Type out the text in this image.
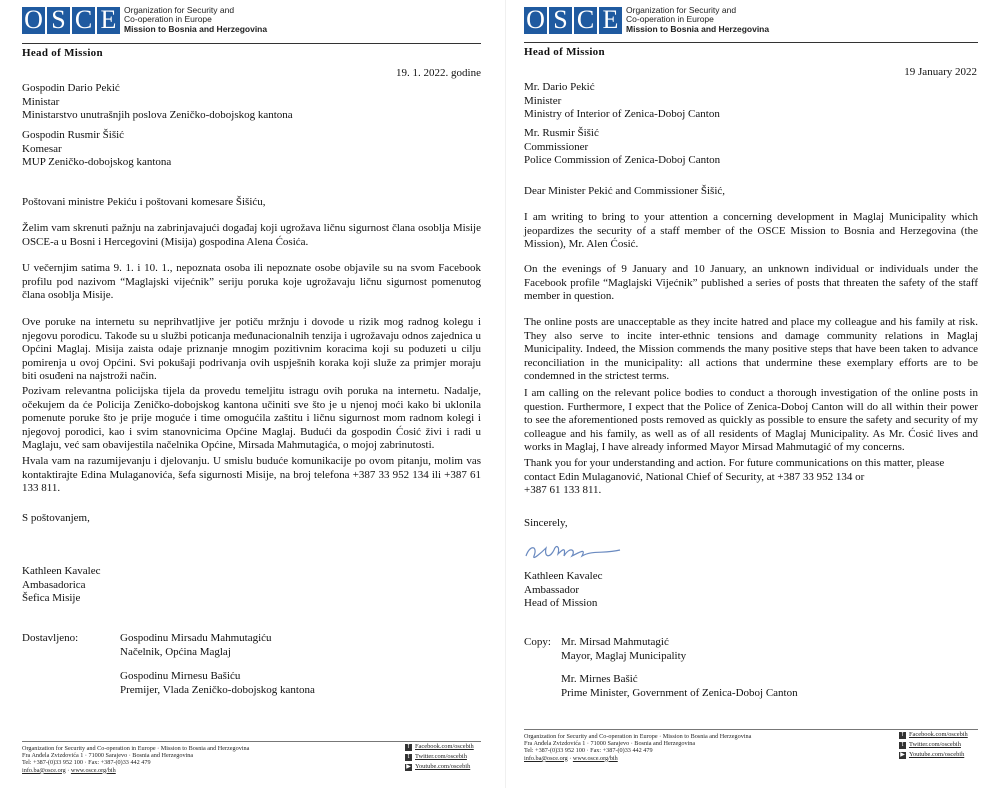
O S C E Organization for Security and
Co-operation in Europe
Mission to Bosnia and Herzegovina
Head of Mission
19. 1. 2022. godine
Gospodin Dario Pekić
Ministar
Ministarstvo unutrašnjih poslova Zeničko-dobojskog kantona
Gospodin Rusmir Šišić
Komesar
MUP Zeničko-dobojskog kantona
Poštovani ministre Pekiću i poštovani komesare Šišiću,

Želim vam skrenuti pažnju na zabrinjavajući događaj koji ugrožava ličnu sigurnost člana osoblja Misije OSCE-a u Bosni i Hercegovini (Misija) gospodina Alena Ćosića.

U večernjim satima 9. 1. i 10. 1., nepoznata osoba ili nepoznate osobe objavile su na svom Facebook profilu pod nazivom “Maglajski vijećnik” seriju poruka koje ugrožavaju ličnu sigurnost pomenutog člana osoblja Misije.

Ove poruke na internetu su neprihvatljive jer potiču mržnju i dovode u rizik mog radnog kolegu i njegovu porodicu. Takođe su u službi poticanja međunacionalnih tenzija i ugrožavaju odnos zajednica u Općini Maglaj. Misija zaista odaje priznanje mnogim pozitivnim koracima koji su poduzeti u cilju pomirenja u ovoj Općini. Svi pokušaji podrivanja ovih uspješnih koraka koji služe za primjer moraju biti osuđeni na najstroži način.

Pozivam relevantna policijska tijela da provedu temeljitu istragu ovih poruka na internetu. Nadalje, očekujem da će Policija Zeničko-dobojskog kantona učiniti sve što je u njenoj moći kako bi uklonila pomenute poruke što je prije moguće i time omogućila zaštitu i ličnu sigurnost mom radnom kolegi i njegovoj porodici, kao i svim stanovnicima Općine Maglaj. Budući da gospodin Ćosić živi i radi u Maglaju, već sam obavijestila načelnika Općine, Mirsada Mahmutagića, o mojoj zabrinutosti.

Hvala vam na razumijevanju i djelovanju. U smislu buduće komunikacije po ovom pitanju, molim vas kontaktirajte Edina Mulaganovića, šefa sigurnosti Misije, na broj telefona +387 33 952 134 ili +387 61 133 811.

S poštovanjem,
Kathleen Kavalec
Ambasadorica
Šefica Misije
Dostavljeno:	Gospodinu Mirsadu Mahmutagiću
Načelnik, Općina Maglaj
Gospodinu Mirnesu Bašiću
Premijer, Vlada Zeničko-dobojskog kantona
Organization for Security and Co-operation in Europe · Mission to Bosnia and Herzegovina
Fra Anđela Zvizdovića 1 · 71000 Sarajevo · Bosnia and Herzegovina
Tel: +387-(0)33 952 100 · Fax: +387-(0)33 442 479
info.ba@osce.org · www.osce.org/bih
f Facebook.com/oscebih
t Twitter.com/oscebih
▶ Youtube.com/oscebih
O S C E Organization for Security and
Co-operation in Europe
Mission to Bosnia and Herzegovina
Head of Mission
19 January 2022
Mr. Dario Pekić
Minister
Ministry of Interior of Zenica-Doboj Canton
Mr. Rusmir Šišić
Commissioner
Police Commission of Zenica-Doboj Canton
Dear Minister Pekić and Commissioner Šišić,

I am writing to bring to your attention a concerning development in Maglaj Municipality which jeopardizes the security of a staff member of the OSCE Mission to Bosnia and Herzegovina (the Mission), Mr. Alen Ćosić.

On the evenings of 9 January and 10 January, an unknown individual or individuals under the Facebook profile “Maglajski Vijećnik” published a series of posts that threaten the safety of the staff member in question.

The online posts are unacceptable as they incite hatred and place my colleague and his family at risk. They also serve to incite inter-ethnic tensions and damage community relations in Maglaj Municipality. Indeed, the Mission commends the many positive steps that have been taken to advance reconciliation in the municipality: all actions that undermine these exemplary efforts are to be condemned in the strictest terms.

I am calling on the relevant police bodies to conduct a thorough investigation of the online posts in question. Furthermore, I expect that the Police of Zenica-Doboj Canton will do all within their power to see the aforementioned posts removed as quickly as possible to ensure the safety and security of my colleague and his family, as well as of all residents of Maglaj Municipality. As Mr. Ćosić lives and works in Maglaj, I have already informed Mayor Mirsad Mahmutagić of my concerns.

Thank you for your understanding and action. For future communications on this matter, please
contact Edin Mulaganović, National Chief of Security, at +387 33 952 134 or
+387 61 133 811.
Sincerely,
Kathleen Kavalec
Ambassador
Head of Mission
Copy: Mr. Mirsad Mahmutagić
Mayor, Maglaj Municipality
Mr. Mirnes Bašić
Prime Minister, Government of Zenica-Doboj Canton
Organization for Security and Co-operation in Europe · Mission to Bosnia and Herzegovina
Fra Anđela Zvizdovića 1 · 71000 Sarajevo · Bosnia and Herzegovina
Tel: +387-(0)33 952 100 · Fax: +387-(0)33 442 479
info.ba@osce.org · www.osce.org/bih
f Facebook.com/oscebih
t Twitter.com/oscebih
▶ Youtube.com/oscebih
